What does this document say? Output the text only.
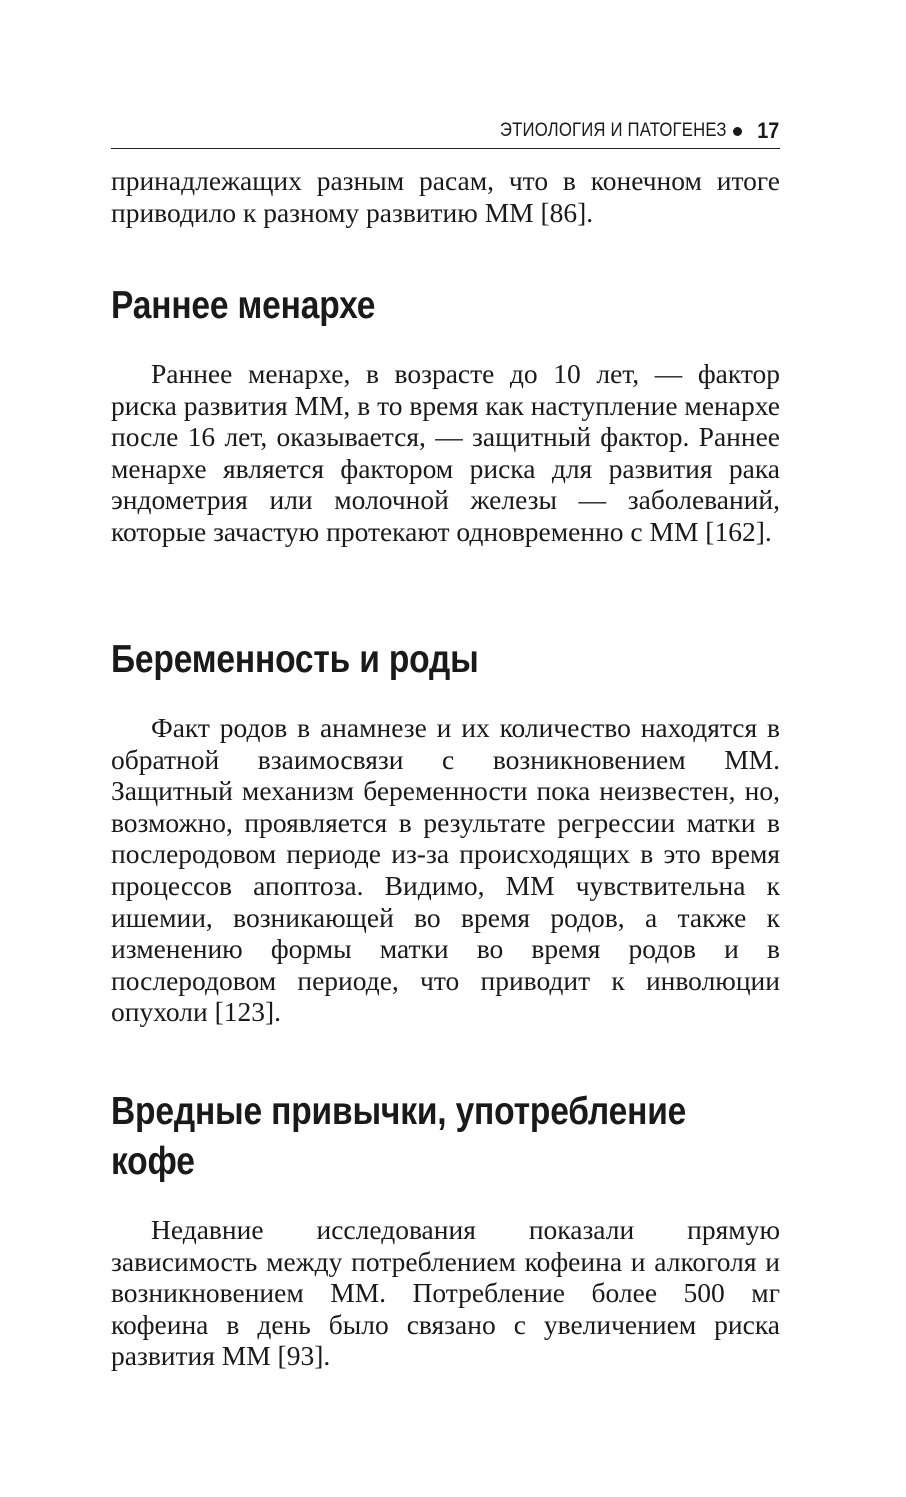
ЭТИОЛОГИЯ И ПАТОГЕНЕЗ 17

принадлежащих разным расам, что в конечном итоге приводило к разному развитию ММ [86].

Раннее менархе

Раннее менархе, в возрасте до 10 лет, — фактор риска развития ММ, в то время как наступление менархе после 16 лет, оказывается, — защитный фактор. Раннее менархе является фактором риска для развития рака эндометрия или молочной железы — заболеваний, которые зачастую протекают одновременно с ММ [162].

Беременность и роды

Факт родов в анамнезе и их количество находятся в обратной взаимосвязи с возникновением ММ. Защитный механизм беременности пока неизвестен, но, возможно, проявляется в результате регрессии матки в послеродовом периоде из-за происходящих в это время процессов апоптоза. Видимо, ММ чувствительна к ишемии, возникающей во время родов, а также к изменению формы матки во время родов и в послеродовом периоде, что приводит к инволюции опухоли [123].

Вредные привычки, употребление кофе

Недавние исследования показали прямую зависимость между потреблением кофеина и алкоголя и возникновением ММ. Потребление более 500 мг кофеина в день было связано с увеличением риска развития ММ [93].
